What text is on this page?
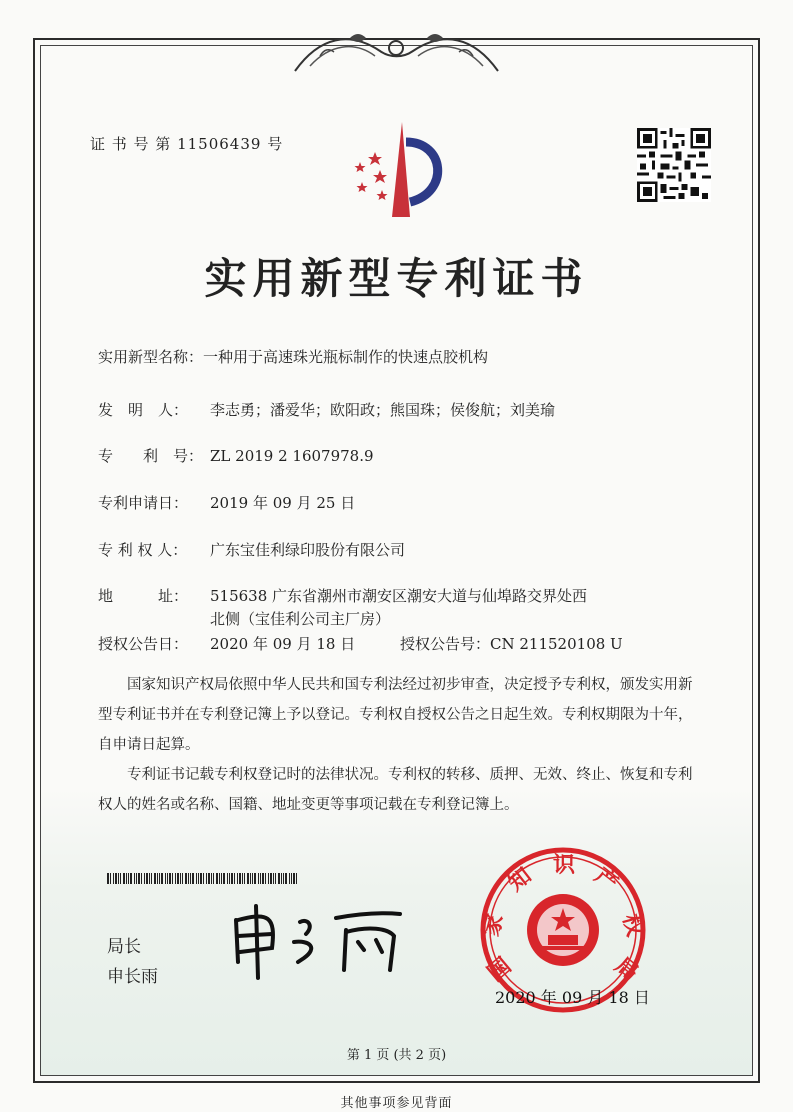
证 书 号 第 11506439 号
实用新型专利证书
实用新型名称：一种用于高速珠光瓶标制作的快速点胶机构
发　明　人： 李志勇；潘爱华；欧阳政；熊国珠；侯俊航；刘美瑜
专　　利　号： ZL 2019 2 1607978.9
专利申请日： 2019 年 09 月 25 日
专 利 权 人： 广东宝佳利绿印股份有限公司
地　　　址： 515638 广东省潮州市潮安区潮安大道与仙埠路交界处西
北侧（宝佳利公司主厂房）
授权公告日： 2020 年 09 月 18 日	授权公告号：CN 211520108 U

国家知识产权局依照中华人民共和国专利法经过初步审查，决定授予专利权，颁发实用新型专利证书并在专利登记簿上予以登记。专利权自授权公告之日起生效。专利权期限为十年，自申请日起算。

专利证书记载专利权登记时的法律状况。专利权的转移、质押、无效、终止、恢复和专利权人的姓名或名称、国籍、地址变更等事项记载在专利登记簿上。

局长
申长雨	国
家
知 识 产
权
局
2020 年 09 月 18 日
第 1 页 (共 2 页)
其他事项参见背面
